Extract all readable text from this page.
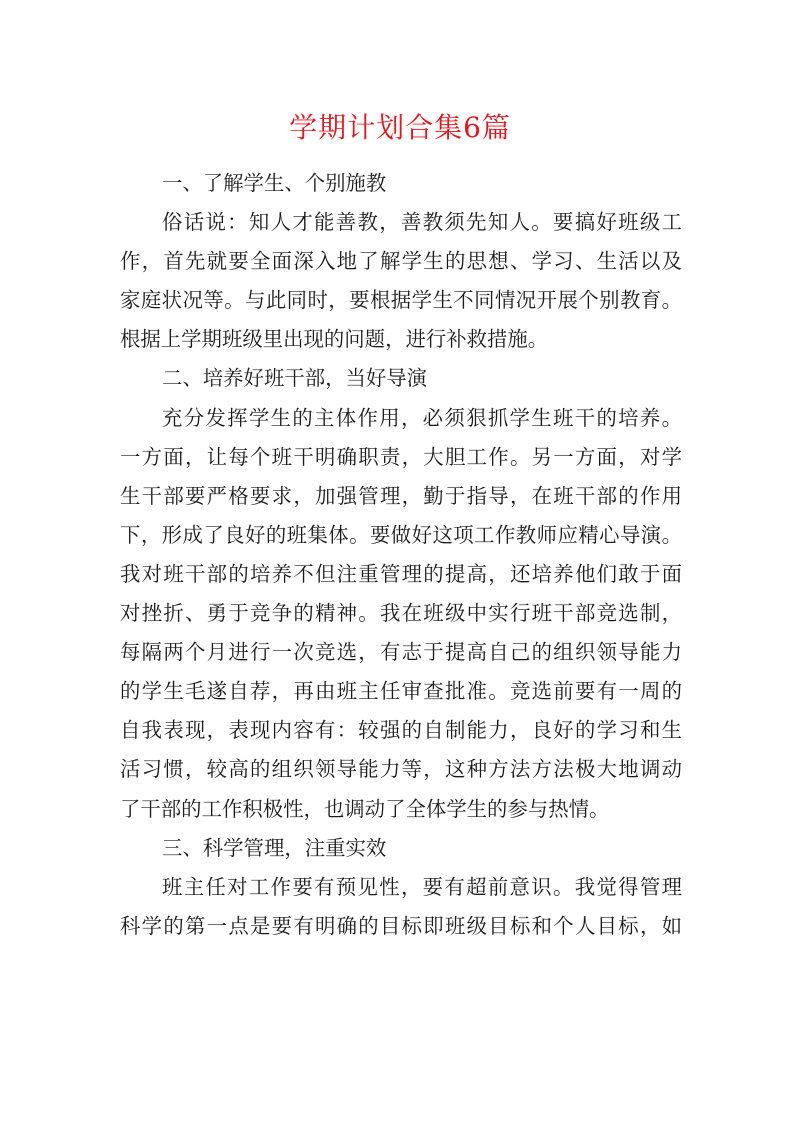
学期计划合集6篇
一、了解学生、个别施教
俗话说：知人才能善教，善教须先知人。要搞好班级工
作，首先就要全面深入地了解学生的思想、学习、生活以及
家庭状况等。与此同时，要根据学生不同情况开展个别教育。
根据上学期班级里出现的问题，进行补救措施。
二、培养好班干部，当好导演
充分发挥学生的主体作用，必须狠抓学生班干的培养。
一方面，让每个班干明确职责，大胆工作。另一方面，对学
生干部要严格要求，加强管理，勤于指导，在班干部的作用
下，形成了良好的班集体。要做好这项工作教师应精心导演。
我对班干部的培养不但注重管理的提高，还培养他们敢于面
对挫折、勇于竞争的精神。我在班级中实行班干部竞选制，
每隔两个月进行一次竞选，有志于提高自己的组织领导能力
的学生毛遂自荐，再由班主任审查批准。竞选前要有一周的
自我表现，表现内容有：较强的自制能力，良好的学习和生
活习惯，较高的组织领导能力等，这种方法方法极大地调动
了干部的工作积极性，也调动了全体学生的参与热情。
三、科学管理，注重实效
班主任对工作要有预见性，要有超前意识。我觉得管理
科学的第一点是要有明确的目标即班级目标和个人目标，如
